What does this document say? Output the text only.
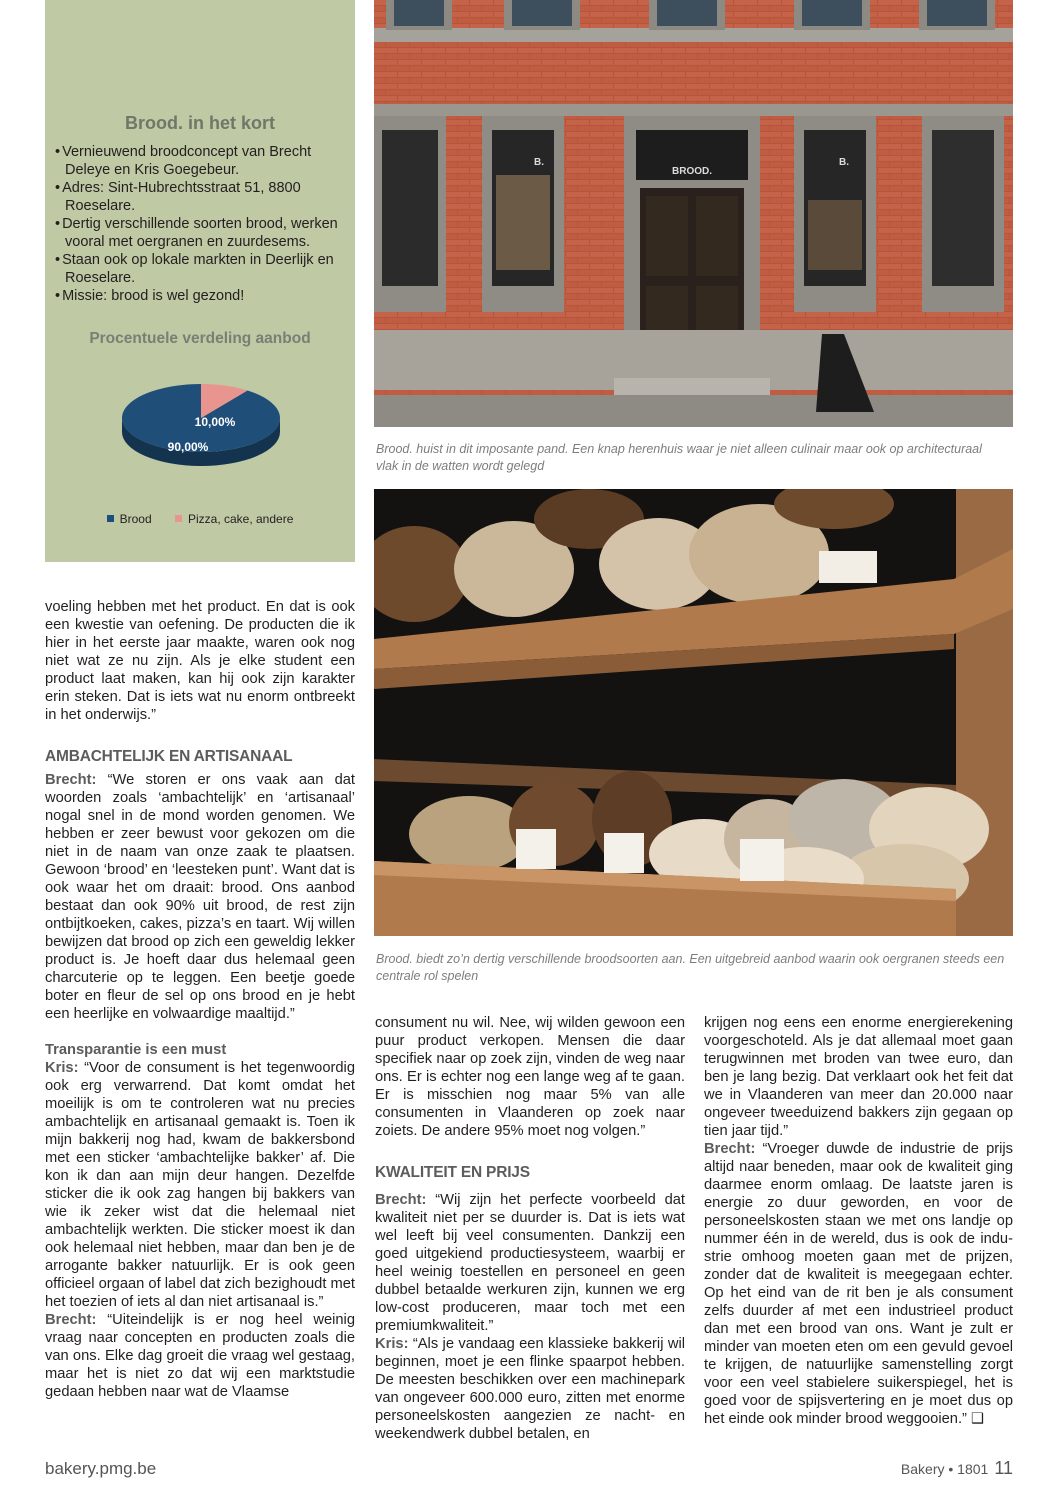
Brood. in het kort
• Vernieuwend broodconcept van Brecht Deleye en Kris Goegebeur.
• Adres: Sint-Hubrechtsstraat 51, 8800 Roeselare.
• Dertig verschillende soorten brood, werken vooral met oergranen en zuurdesems.
• Staan ook op lokale markten in Deerlijk en Roeselare.
• Missie: brood is wel gezond!
Procentuele verdeling aanbod
90,00%
10,00%
Brood	Pizza, cake, andere
BROOD.
B.	B.
Brood. huist in dit imposante pand. Een knap herenhuis waar je niet alleen culinair maar ook op architecturaal vlak in de watten wordt gelegd
Brood. biedt zo’n dertig verschillende broodsoorten aan. Een uitgebreid aanbod waarin ook oergranen steeds een centrale rol spelen

voeling hebben met het product. En dat is ook een kwestie van oefening. De producten die ik hier in het eerste jaar maakte, waren ook nog niet wat ze nu zijn. Als je elke student een product laat maken, kan hij ook zijn karakter erin steken. Dat is iets wat nu enorm ontbreekt in het onderwijs.”

AMBACHTELIJK EN ARTISANAAL

Brecht: “We storen er ons vaak aan dat woorden zoals ‘ambachtelijk’ en ‘artisanaal’ nogal snel in de mond worden genomen. We hebben er zeer bewust voor gekozen om die niet in de naam van onze zaak te plaatsen. Gewoon ‘brood’ en ‘leesteken punt’. Want dat is ook waar het om draait: brood. Ons aanbod bestaat dan ook 90% uit brood, de rest zijn ontbijtkoeken, cakes, pizza’s en taart. Wij willen bewijzen dat brood op zich een geweldig lekker product is. Je hoeft daar dus helemaal geen charcuterie op te leggen. Een beetje goede boter en fleur de sel op ons brood en je hebt een heerlijke en volwaardige maaltijd.”

Transparantie is een must

Kris: “Voor de consument is het tegenwoordig ook erg verwarrend. Dat komt omdat het moeilijk is om te controleren wat nu precies ambachtelijk en artisanaal gemaakt is. Toen ik mijn bakkerij nog had, kwam de bakkersbond met een sticker ‘ambachtelijke bakker’ af. Die kon ik dan aan mijn deur hangen. Dezelfde sticker die ik ook zag hangen bij bakkers van wie ik zeker wist dat die helemaal niet ambachtelijk werkten. Die sticker moest ik dan ook helemaal niet hebben, maar dan ben je de arrogante bakker natuurlijk. Er is ook geen officieel orgaan of label dat zich bezighoudt met het toezien of iets al dan niet artisanaal is.”

Brecht: “Uiteindelijk is er nog heel weinig vraag naar concepten en producten zoals die van ons. Elke dag groeit die vraag wel gestaag, maar het is niet zo dat wij een marktstudie gedaan hebben naar wat de Vlaamse

consument nu wil. Nee, wij wilden gewoon een puur product verkopen. Mensen die daar specifiek naar op zoek zijn, vinden de weg naar ons. Er is echter nog een lange weg af te gaan. Er is misschien nog maar 5% van alle consumenten in Vlaanderen op zoek naar zoiets. De andere 95% moet nog volgen.”

KWALITEIT EN PRIJS

Brecht: “Wij zijn het perfecte voorbeeld dat kwaliteit niet per se duurder is. Dat is iets wat wel leeft bij veel consumenten. Dankzij een goed uitgekiend productiesysteem, waarbij er heel weinig toestellen en personeel en geen dubbel betaalde werkuren zijn, kunnen we erg low-cost produceren, maar toch met een premiumkwaliteit.”

Kris: “Als je vandaag een klassieke bakkerij wil beginnen, moet je een flinke spaarpot hebben. De meesten beschikken over een machinepark van ongeveer 600.000 euro, zitten met enorme personeelskosten aangezien ze nacht- en weekendwerk dubbel betalen, en

krijgen nog eens een enorme energierekening voorgeschoteld. Als je dat allemaal moet gaan terugwinnen met broden van twee euro, dan ben je lang bezig. Dat verklaart ook het feit dat we in Vlaanderen van meer dan 20.000 naar ongeveer tweeduizend bakkers zijn gegaan op tien jaar tijd.”

Brecht: “Vroeger duwde de industrie de prijs altijd naar beneden, maar ook de kwaliteit ging daarmee enorm omlaag. De laatste jaren is energie zo duur geworden, en voor de personeelskosten staan we met ons landje op nummer één in de wereld, dus is ook de industrie omhoog moeten gaan met de prijzen, zonder dat de kwaliteit is meegegaan echter. Op het eind van de rit ben je als consument zelfs duurder af met een industrieel product dan met een brood van ons. Want je zult er minder van moeten eten om een gevuld gevoel te krijgen, de natuurlijke samenstelling zorgt voor een veel stabielere suikerspiegel, het is goed voor de spijsvertering en je moet dus op het einde ook minder brood weggooien.” ❑

bakery.pmg.be	Bakery • 1801 11
